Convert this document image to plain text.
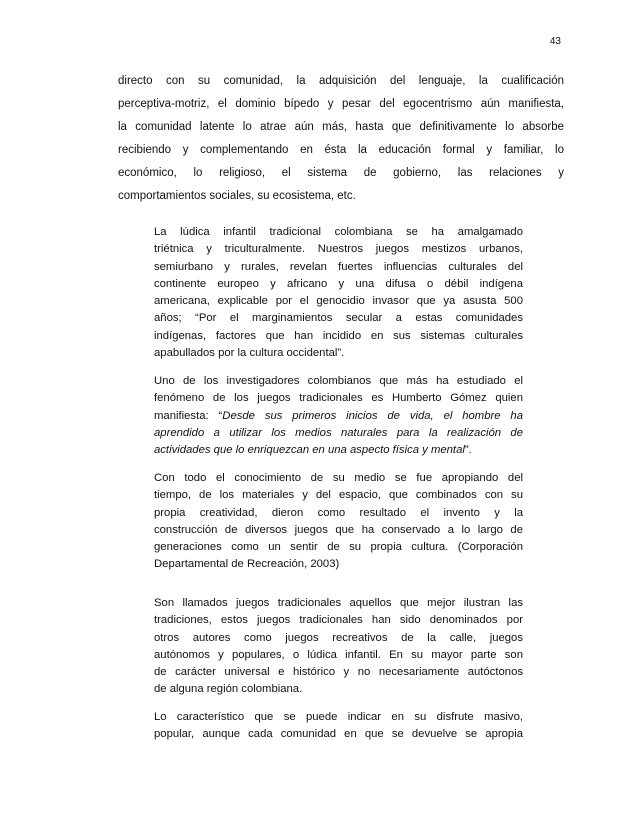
43
directo con su comunidad, la adquisición del lenguaje, la cualificación
perceptiva-motriz, el dominio bípedo y pesar del egocentrismo aún manifiesta,
la comunidad latente lo atrae aún más, hasta que definitivamente lo absorbe
recibiendo y complementando en ésta la educación formal y familiar, lo
económico, lo religioso, el sistema de gobierno, las relaciones y
comportamientos sociales, su ecosistema, etc.
La lúdica infantil tradicional colombiana se ha amalgamado
triétnica y triculturalmente. Nuestros juegos mestizos urbanos,
semiurbano y rurales, revelan fuertes influencias culturales del
continente europeo y africano y una difusa o débil indígena
americana, explicable por el genocidio invasor que ya asusta 500
años; “Por el marginamientos secular a estas comunidades
indígenas, factores que han incidido en sus sistemas culturales
apabullados por la cultura occidental”.
Uno de los investigadores colombianos que más ha estudiado el
fenómeno de los juegos tradicionales es Humberto Gómez quien
manifiesta: “Desde sus primeros inicios de vida, el hombre ha
aprendido a utilizar los medios naturales para la realización de
actividades que lo enriquezcan en una aspecto física y mental”.
Con todo el conocimiento de su medio se fue apropiando del
tiempo, de los materiales y del espacio, que combinados con su
propia creatividad, dieron como resultado el invento y la
construcción de diversos juegos que ha conservado a lo largo de
generaciones como un sentir de su propia cultura. (Corporación
Departamental de Recreación, 2003)
Son llamados juegos tradicionales aquellos que mejor ilustran las
tradiciones, estos juegos tradicionales han sido denominados por
otros autores como juegos recreativos de la calle, juegos
autónomos y populares, o lúdica infantil. En su mayor parte son
de carácter universal e histórico y no necesariamente autóctonos
de alguna región colombiana.
Lo característico que se puede indicar en su disfrute masivo,
popular, aunque cada comunidad en que se devuelve se apropia
